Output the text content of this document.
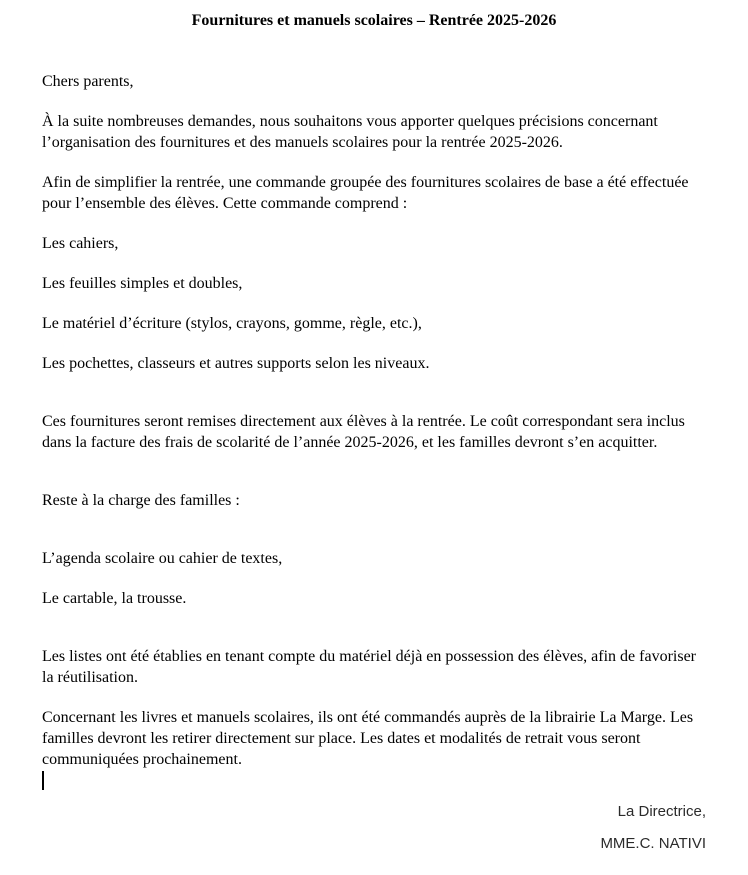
Fournitures et manuels scolaires – Rentrée 2025-2026

Chers parents,

À la suite nombreuses demandes, nous souhaitons vous apporter quelques précisions concernant l’organisation des fournitures et des manuels scolaires pour la rentrée 2025-2026.

Afin de simplifier la rentrée, une commande groupée des fournitures scolaires de base a été effectuée pour l’ensemble des élèves. Cette commande comprend :

Les cahiers,

Les feuilles simples et doubles,

Le matériel d’écriture (stylos, crayons, gomme, règle, etc.),

Les pochettes, classeurs et autres supports selon les niveaux.

Ces fournitures seront remises directement aux élèves à la rentrée. Le coût correspondant sera inclus dans la facture des frais de scolarité de l’année 2025-2026, et les familles devront s’en acquitter.

Reste à la charge des familles :

L’agenda scolaire ou cahier de textes,

Le cartable, la trousse.

Les listes ont été établies en tenant compte du matériel déjà en possession des élèves, afin de favoriser la réutilisation.

Concernant les livres et manuels scolaires, ils ont été commandés auprès de la librairie La Marge. Les familles devront les retirer directement sur place. Les dates et modalités de retrait vous seront communiquées prochainement.

La Directrice,

MME.C. NATIVI
